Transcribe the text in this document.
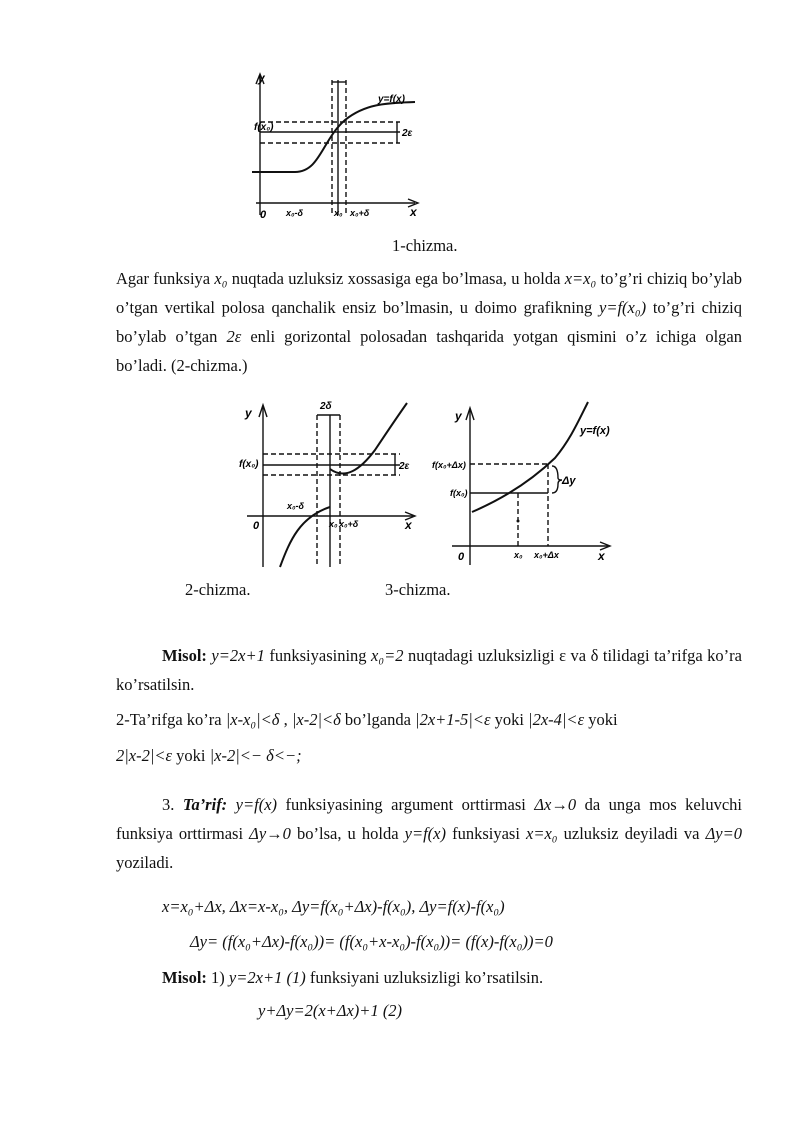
y
x
0
f(x₀)
y=f(x)
2ε
x₀-δ	x₀ x₀+δ
1-chizma.
Agar funksiya x₀ nuqtada uzluksiz xossasiga ega bo’lmasa, u holda x=x₀ to’g’ri chiziq bo’ylab o’tgan vertikal polosa qanchalik ensiz bo’lmasin, u doimo grafikning y=f(x₀) to’g’ri chiziq bo’ylab o’tgan 2ε enli gorizontal polosadan tashqarida yotgan qismini o’z ichiga olgan bo’ladi. (2-chizma.)
y
x
0
f(x₀)	2ε
2δ
x₀-δ
x₀ x₀+δ
y
x
0
f(x₀+Δx)
f(x₀)
y=f(x)
Δy
x₀ x₀+Δx
2-chizma.	3-chizma.
Misol: y=2x+1 funksiyasining x₀=2 nuqtadagi uzluksizligi ε va δ tilidagi ta’rifga ko’ra ko’rsatilsin.
2-Ta’rifga ko’ra |x-x₀|<δ , |x-2|<δ bo’lganda |2x+1-5|<ε yoki |2x-4|<ε yoki
2|x-2|<ε yoki |x-2|<− δ<−;
3. Ta’rif: y=f(x) funksiyasining argument orttirmasi Δx→0 da unga mos keluvchi funksiya orttirmasi Δy→0 bo’lsa, u holda y=f(x) funksiyasi x=x₀ uzluksiz deyiladi va Δy=0 yoziladi.
x=x₀+Δx, Δx=x-x₀, Δy=f(x₀+Δx)-f(x₀), Δy=f(x)-f(x₀)
Δy= (f(x₀+Δx)-f(x₀))= (f(x₀+x-x₀)-f(x₀))= (f(x)-f(x₀))=0
Misol: 1) y=2x+1 (1) funksiyani uzluksizligi ko’rsatilsin.
y+Δy=2(x+Δx)+1 (2)
